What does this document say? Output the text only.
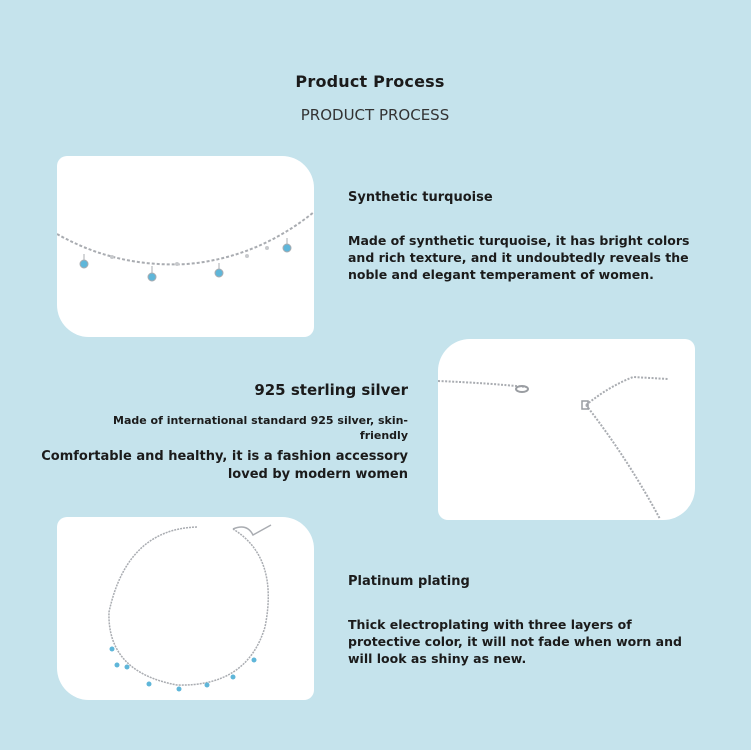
Product Process
PRODUCT PROCESS
Synthetic turquoise
Made of synthetic turquoise, it has bright colors and rich texture, and it undoubtedly reveals the noble and elegant temperament of women.
925 sterling silver
Made of international standard 925 silver, skin-friendly
Comfortable and healthy, it is a fashion accessory loved by modern women
Platinum plating
Thick electroplating with three layers of protective color, it will not fade when worn and will look as shiny as new.
